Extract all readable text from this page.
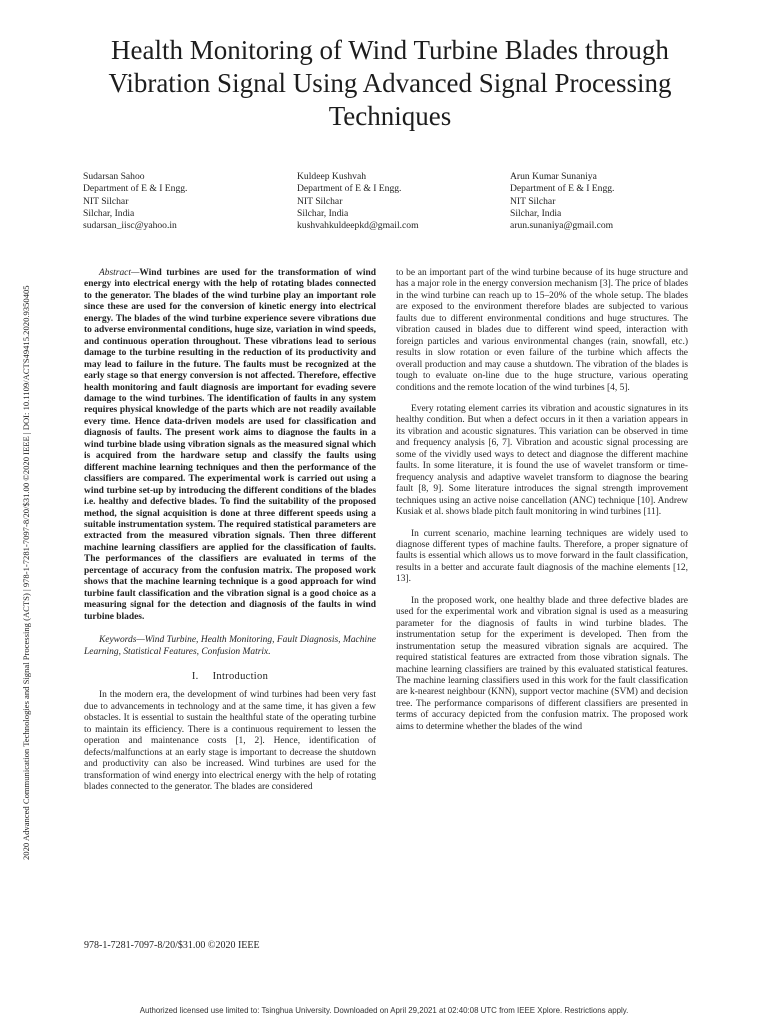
Health Monitoring of Wind Turbine Blades through Vibration Signal Using Advanced Signal Processing Techniques
2020 Advanced Communication Technologies and Signal Processing (ACTS) | 978-1-7281-7097-8/20/$31.00 ©2020 IEEE | DOI: 10.1109/ACTS49415.2020.9350405
Sudarsan Sahoo
Department of E & I Engg.
NIT Silchar
Silchar, India
sudarsan_iisc@yahoo.in
Kuldeep Kushvah
Department of E & I Engg.
NIT Silchar
Silchar, India
kushvahkuldeepkd@gmail.com
Arun Kumar Sunaniya
Department of E & I Engg.
NIT Silchar
Silchar, India
arun.sunaniya@gmail.com

Abstract—Wind turbines are used for the transformation of wind energy into electrical energy with the help of rotating blades connected to the generator. The blades of the wind turbine play an important role since these are used for the conversion of kinetic energy into electrical energy. The blades of the wind turbine experience severe vibrations due to adverse environmental conditions, huge size, variation in wind speeds, and continuous operation throughout. These vibrations lead to serious damage to the turbine resulting in the reduction of its productivity and may lead to failure in the future. The faults must be recognized at the early stage so that energy conversion is not affected. Therefore, effective health monitoring and fault diagnosis are important for evading severe damage to the wind turbines. The identification of faults in any system requires physical knowledge of the parts which are not readily available every time. Hence data-driven models are used for classification and diagnosis of faults. The present work aims to diagnose the faults in a wind turbine blade using vibration signals as the measured signal which is acquired from the hardware setup and classify the faults using different machine learning techniques and then the performance of the classifiers are compared. The experimental work is carried out using a wind turbine set-up by introducing the different conditions of the blades i.e. healthy and defective blades. To find the suitability of the proposed method, the signal acquisition is done at three different speeds using a suitable instrumentation system. The required statistical parameters are extracted from the measured vibration signals. Then three different machine learning classifiers are applied for the classification of faults. The performances of the classifiers are evaluated in terms of the percentage of accuracy from the confusion matrix. The proposed work shows that the machine learning technique is a good approach for wind turbine fault classification and the vibration signal is a good choice as a measuring signal for the detection and diagnosis of the faults in wind turbine blades.

Keywords—Wind Turbine, Health Monitoring, Fault Diagnosis, Machine Learning, Statistical Features, Confusion Matrix.

I. Introduction

In the modern era, the development of wind turbines had been very fast due to advancements in technology and at the same time, it has given a few obstacles. It is essential to sustain the healthful state of the operating turbine to maintain its efficiency. There is a continuous requirement to lessen the operation and maintenance costs [1, 2]. Hence, identification of defects/malfunctions at an early stage is important to decrease the shutdown and productivity can also be increased. Wind turbines are used for the transformation of wind energy into electrical energy with the help of rotating blades connected to the generator. The blades are considered

to be an important part of the wind turbine because of its huge structure and has a major role in the energy conversion mechanism [3]. The price of blades in the wind turbine can reach up to 15–20% of the whole setup. The blades are exposed to the environment therefore blades are subjected to various faults due to different environmental conditions and huge structures. The vibration caused in blades due to different wind speed, interaction with foreign particles and various environmental changes (rain, snowfall, etc.) results in slow rotation or even failure of the turbine which affects the overall production and may cause a shutdown. The vibration of the blades is tough to evaluate on-line due to the huge structure, various operating conditions and the remote location of the wind turbines [4, 5].

Every rotating element carries its vibration and acoustic signatures in its healthy condition. But when a defect occurs in it then a variation appears in its vibration and acoustic signatures. This variation can be observed in time and frequency analysis [6, 7]. Vibration and acoustic signal processing are some of the vividly used ways to detect and diagnose the different machine faults. In some literature, it is found the use of wavelet transform or time-frequency analysis and adaptive wavelet transform to diagnose the bearing fault [8, 9]. Some literature introduces the signal strength improvement techniques using an active noise cancellation (ANC) technique [10]. Andrew Kusiak et al. shows blade pitch fault monitoring in wind turbines [11].

In current scenario, machine learning techniques are widely used to diagnose different types of machine faults. Therefore, a proper signature of faults is essential which allows us to move forward in the fault classification, results in a better and accurate fault diagnosis of the machine elements [12, 13].

In the proposed work, one healthy blade and three defective blades are used for the experimental work and vibration signal is used as a measuring parameter for the diagnosis of faults in wind turbine blades. The instrumentation setup for the experiment is developed. Then from the instrumentation setup the measured vibration signals are acquired. The required statistical features are extracted from those vibration signals. The machine learning classifiers are trained by this evaluated statistical features. The machine learning classifiers used in this work for the fault classification are k-nearest neighbour (KNN), support vector machine (SVM) and decision tree. The performance comparisons of different classifiers are presented in terms of accuracy depicted from the confusion matrix. The proposed work aims to determine whether the blades of the wind

978-1-7281-7097-8/20/$31.00 ©2020 IEEE
Authorized licensed use limited to: Tsinghua University. Downloaded on April 29,2021 at 02:40:08 UTC from IEEE Xplore. Restrictions apply.
